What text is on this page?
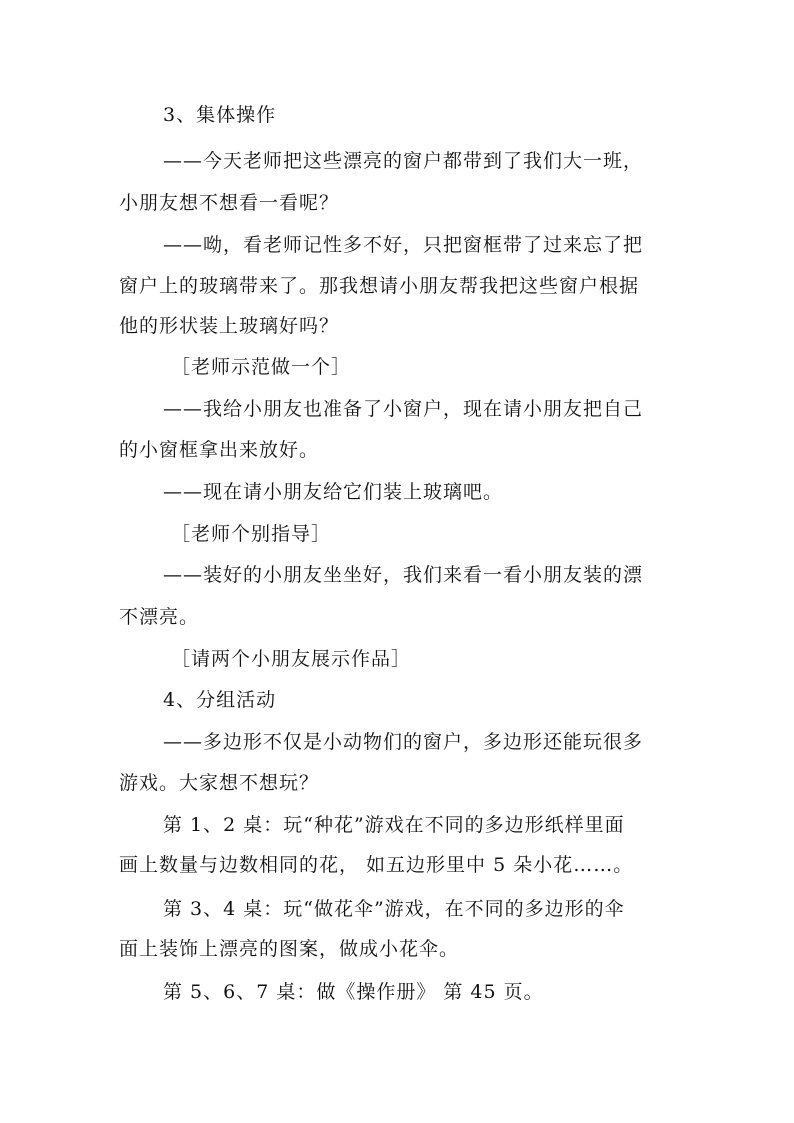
3、集体操作
——今天老师把这些漂亮的窗户都带到了我们大一班，
小朋友想不想看一看呢？
——呦，看老师记性多不好，只把窗框带了过来忘了把
窗户上的玻璃带来了。那我想请小朋友帮我把这些窗户根据
他的形状装上玻璃好吗？
［老师示范做一个］
——我给小朋友也准备了小窗户，现在请小朋友把自己
的小窗框拿出来放好。
——现在请小朋友给它们装上玻璃吧。
［老师个别指导］
——装好的小朋友坐坐好，我们来看一看小朋友装的漂
不漂亮。
［请两个小朋友展示作品］
4、分组活动
——多边形不仅是小动物们的窗户，多边形还能玩很多
游戏。大家想不想玩？
第 1、2 桌：玩“种花”游戏在不同的多边形纸样里面
画上数量与边数相同的花， 如五边形里中 5 朵小花……。
第 3、4 桌：玩“做花伞”游戏，在不同的多边形的伞
面上装饰上漂亮的图案，做成小花伞。
第 5、6、7 桌：做《操作册》 第 45 页。
